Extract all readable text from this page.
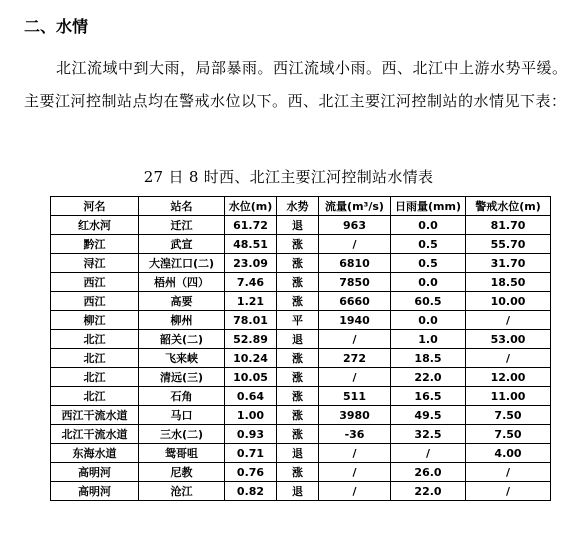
二、水情
北江流域中到大雨，局部暴雨。西江流域小雨。西、北江中上游水势平缓。主要江河控制站点均在警戒水位以下。西、北江主要江河控制站的水情见下表：
27 日 8 时西、北江主要江河控制站水情表
河名	站名	水位(m)	水势	流量(m³/s)	日雨量(mm)	警戒水位(m)
红水河	迁江	61.72	退	963	0.0	81.70
黔江	武宣	48.51	涨	/	0.5	55.70
浔江	大湟江口(二)	23.09	涨	6810	0.5	31.70
西江	梧州（四）	7.46	涨	7850	0.0	18.50
西江	高要	1.21	涨	6660	60.5	10.00
柳江	柳州	78.01	平	1940	0.0	/
北江	韶关(二)	52.89	退	/	1.0	53.00
北江	飞来峡	10.24	涨	272	18.5	/
北江	清远(三)	10.05	涨	/	22.0	12.00
北江	石角	0.64	涨	511	16.5	11.00
西江干流水道	马口	1.00	涨	3980	49.5	7.50
北江干流水道	三水(二)	0.93	涨	-36	32.5	7.50
东海水道	鸳哥咀	0.71	退	/	/	4.00
高明河	尼教	0.76	涨	/	26.0	/
高明河	沧江	0.82	退	/	22.0	/
